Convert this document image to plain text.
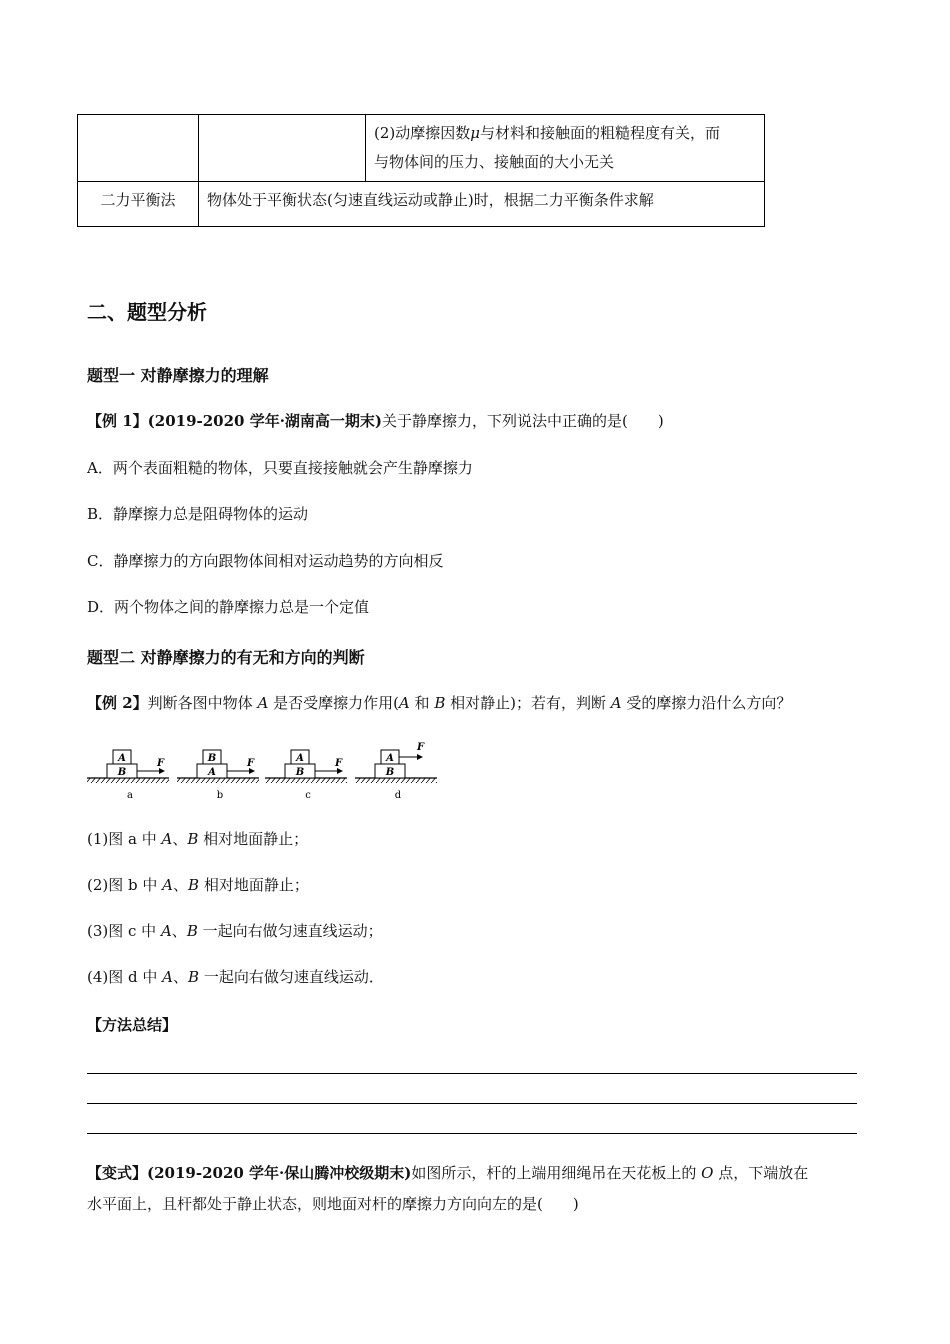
		(2)动摩擦因数μ与材料和接触面的粗糙程度有关，而
与物体间的压力、接触面的大小无关
二力平衡法	物体处于平衡状态(匀速直线运动或静止)时，根据二力平衡条件求解	
二、题型分析
题型一 对静摩擦力的理解
【例 1】(2019-2020 学年·湖南高一期末)关于静摩擦力，下列说法中正确的是(　　)
A．两个表面粗糙的物体，只要直接接触就会产生静摩擦力
B．静摩擦力总是阻碍物体的运动
C．静摩擦力的方向跟物体间相对运动趋势的方向相反
D．两个物体之间的静摩擦力总是一个定值
题型二 对静摩擦力的有无和方向的判断
【例 2】判断各图中物体 A 是否受摩擦力作用(A 和 B 相对静止)；若有，判断 A 受的摩擦力沿什么方向？
A
B
F
a
B
A
F
b
A
B
F
c
A
B
F
d
(1)图 a 中 A、B 相对地面静止；
(2)图 b 中 A、B 相对地面静止；
(3)图 c 中 A、B 一起向右做匀速直线运动；
(4)图 d 中 A、B 一起向右做匀速直线运动．
【方法总结】
【变式】(2019-2020 学年·保山腾冲校级期末)如图所示，杆的上端用细绳吊在天花板上的 O 点，下端放在
水平面上，且杆都处于静止状态，则地面对杆的摩擦力方向向左的是(　　)
